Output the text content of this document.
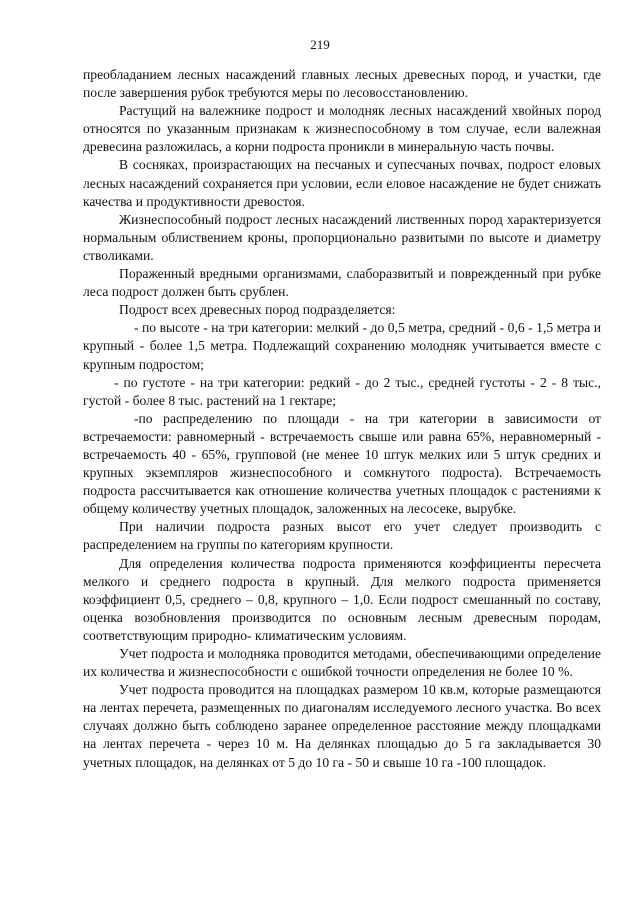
219

преобладанием лесных насаждений главных лесных древесных пород, и участки, где после завершения рубок требуются меры по лесовосстановлению.

Растущий на валежнике подрост и молодняк лесных насаждений хвойных пород относятся по указанным признакам к жизнеспособному в том случае, если валежная древесина разложилась, а корни подроста проникли в минеральную часть почвы.

В сосняках, произрастающих на песчаных и супесчаных почвах, подрост еловых лесных насаждений сохраняется при условии, если еловое насаждение не будет снижать качества и продуктивности древостоя.

Жизнеспособный подрост лесных насаждений лиственных пород характеризуется нормальным облиствением кроны, пропорционально развитыми по высоте и диаметру стволиками.

Пораженный вредными организмами, слаборазвитый и поврежденный при рубке леса подрост должен быть срублен.

Подрост всех древесных пород подразделяется:

- по высоте - на три категории: мелкий - до 0,5 метра, средний - 0,6 - 1,5 метра и крупный - более 1,5 метра. Подлежащий сохранению молодняк учитывается вместе с крупным подростом;

- по густоте - на три категории: редкий - до 2 тыс., средней густоты - 2 - 8 тыс., густой - более 8 тыс. растений на 1 гектаре;

-по распределению по площади - на три категории в зависимости от встречаемости: равномерный - встречаемость свыше или равна 65%, неравномерный - встречаемость 40 - 65%, групповой (не менее 10 штук мелких или 5 штук средних и крупных экземпляров жизнеспособного и сомкнутого подроста). Встречаемость подроста рассчитывается как отношение количества учетных площадок с растениями к общему количеству учетных площадок, заложенных на лесосеке, вырубке.

При наличии подроста разных высот его учет следует производить с распределением на группы по категориям крупности.

Для определения количества подроста применяются коэффициенты пересчета мелкого и среднего подроста в крупный. Для мелкого подроста применяется коэффициент 0,5, среднего – 0,8, крупного – 1,0. Если подрост смешанный по составу, оценка возобновления производится по основным лесным древесным породам, соответствующим природно- климатическим условиям.

Учет подроста и молодняка проводится методами, обеспечивающими определение их количества и жизнеспособности с ошибкой точности определения не более 10 %.

Учет подроста проводится на площадках размером 10 кв.м, которые размещаются на лентах перечета, размещенных по диагоналям исследуемого лесного участка. Во всех случаях должно быть соблюдено заранее определенное расстояние между площадками на лентах перечета - через 10 м. На делянках площадью до 5 га закладывается 30 учетных площадок, на делянках от 5 до 10 га - 50 и свыше 10 га -100 площадок.
